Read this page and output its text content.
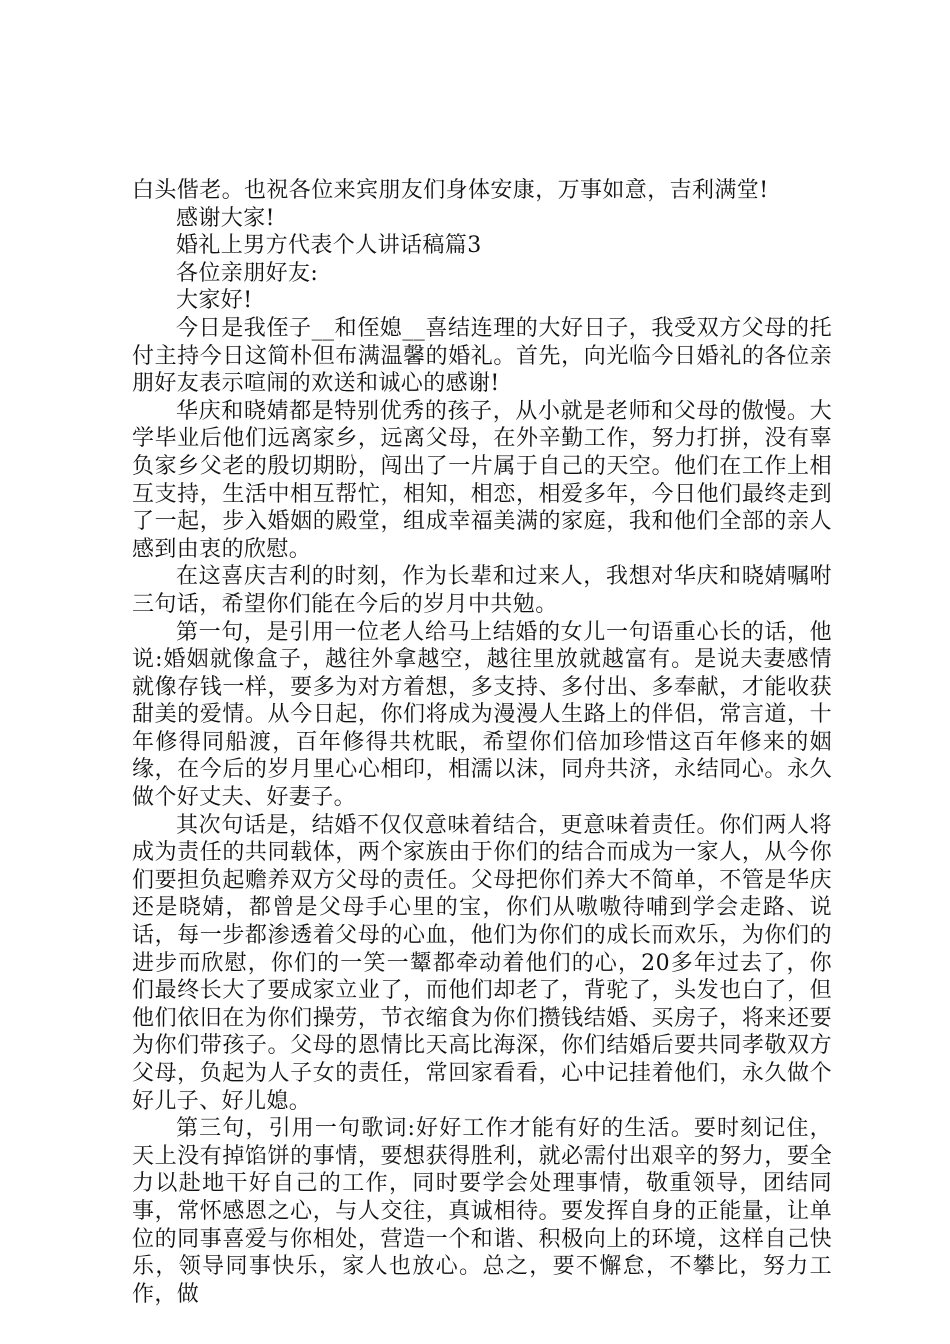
白头偕老。也祝各位来宾朋友们身体安康，万事如意，吉利满堂!

感谢大家!

婚礼上男方代表个人讲话稿篇3

各位亲朋好友:

大家好!

今日是我侄子__和侄媳__喜结连理的大好日子，我受双方父母的托付主持今日这简朴但布满温馨的婚礼。首先，向光临今日婚礼的各位亲朋好友表示喧闹的欢送和诚心的感谢!

华庆和晓婧都是特别优秀的孩子，从小就是老师和父母的傲慢。大学毕业后他们远离家乡，远离父母，在外辛勤工作，努力打拼，没有辜负家乡父老的殷切期盼，闯出了一片属于自己的天空。他们在工作上相互支持，生活中相互帮忙，相知，相恋，相爱多年，今日他们最终走到了一起，步入婚姻的殿堂，组成幸福美满的家庭，我和他们全部的亲人感到由衷的欣慰。

在这喜庆吉利的时刻，作为长辈和过来人，我想对华庆和晓婧嘱咐三句话，希望你们能在今后的岁月中共勉。

第一句，是引用一位老人给马上结婚的女儿一句语重心长的话，他说:婚姻就像盒子，越往外拿越空，越往里放就越富有。是说夫妻感情就像存钱一样，要多为对方着想，多支持、多付出、多奉献，才能收获甜美的爱情。从今日起，你们将成为漫漫人生路上的伴侣，常言道，十年修得同船渡，百年修得共枕眠，希望你们倍加珍惜这百年修来的姻缘，在今后的岁月里心心相印，相濡以沫，同舟共济，永结同心。永久做个好丈夫、好妻子。

其次句话是，结婚不仅仅意味着结合，更意味着责任。你们两人将成为责任的共同载体，两个家族由于你们的结合而成为一家人，从今你们要担负起赡养双方父母的责任。父母把你们养大不简单，不管是华庆还是晓婧，都曾是父母手心里的宝，你们从嗷嗷待哺到学会走路、说话，每一步都渗透着父母的心血，他们为你们的成长而欢乐，为你们的进步而欣慰，你们的一笑一颦都牵动着他们的心，20多年过去了，你们最终长大了要成家立业了，而他们却老了，背驼了，头发也白了，但他们依旧在为你们操劳，节衣缩食为你们攒钱结婚、买房子，将来还要为你们带孩子。父母的恩情比天高比海深，你们结婚后要共同孝敬双方父母，负起为人子女的责任，常回家看看，心中记挂着他们，永久做个好儿子、好儿媳。

第三句，引用一句歌词:好好工作才能有好的生活。要时刻记住，天上没有掉馅饼的事情，要想获得胜利，就必需付出艰辛的努力，要全力以赴地干好自己的工作，同时要学会处理事情，敬重领导，团结同事，常怀感恩之心，与人交往，真诚相待。要发挥自身的正能量，让单位的同事喜爱与你相处，营造一个和谐、积极向上的环境，这样自己快乐，领导同事快乐，家人也放心。总之，要不懈怠，不攀比，努力工作，做
